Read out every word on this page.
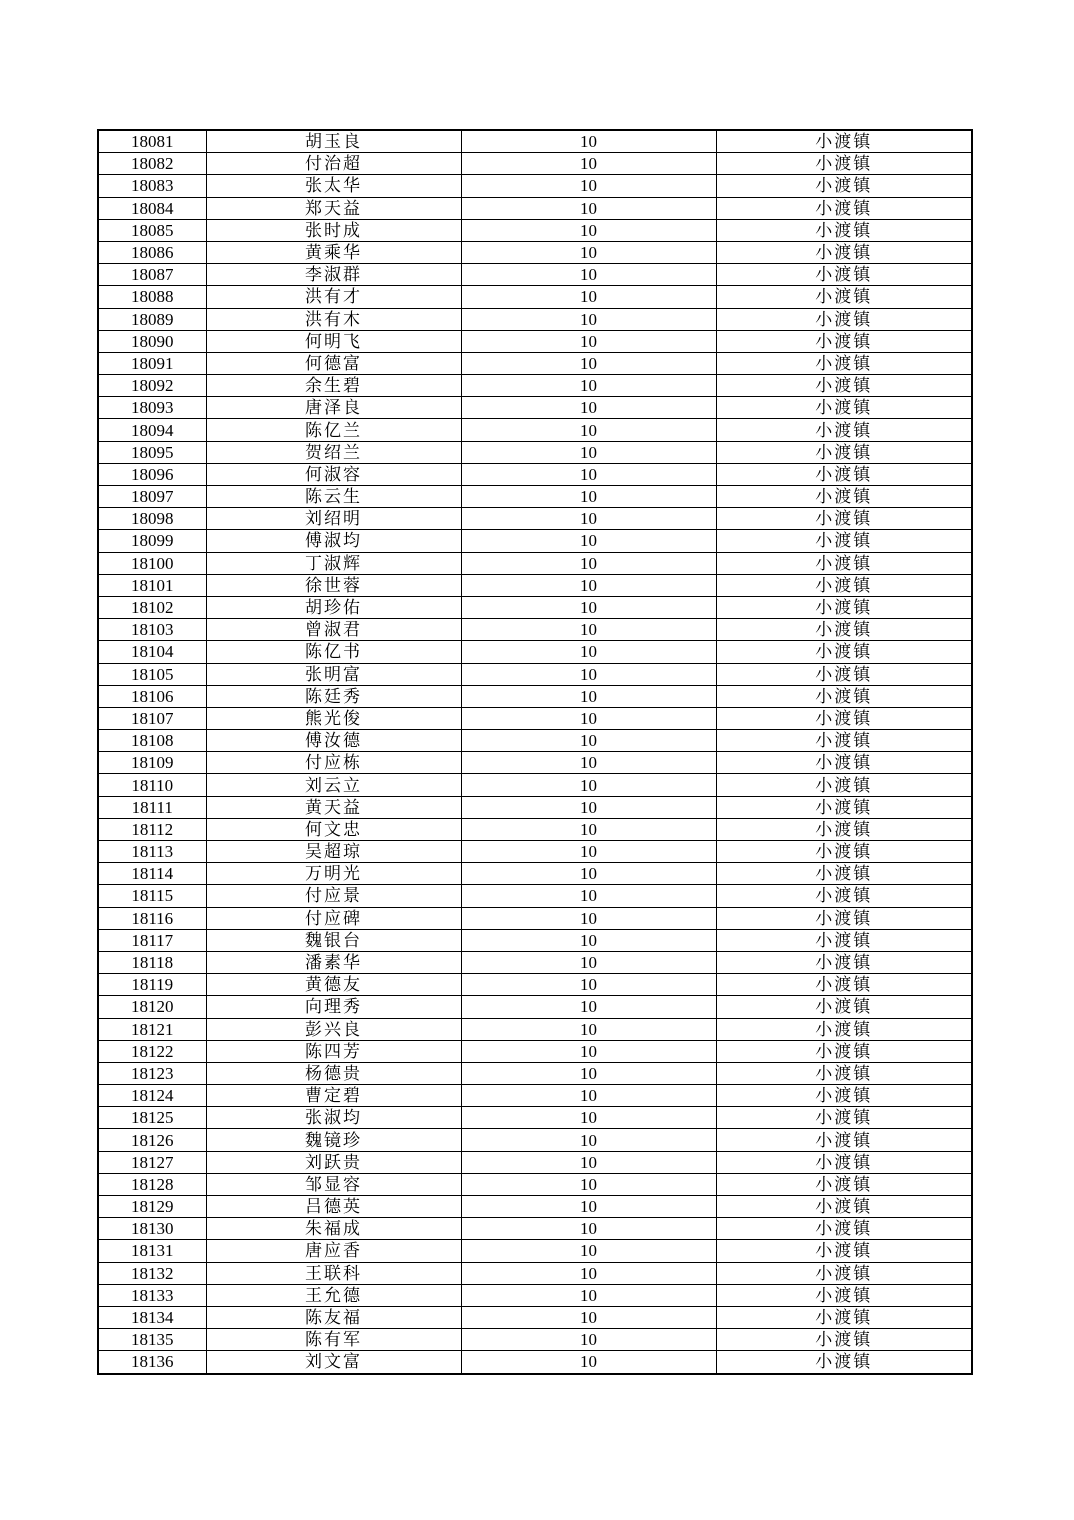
18081	胡玉良	10	小渡镇
18082	付治超	10	小渡镇
18083	张太华	10	小渡镇
18084	郑天益	10	小渡镇
18085	张时成	10	小渡镇
18086	黄乘华	10	小渡镇
18087	李淑群	10	小渡镇
18088	洪有才	10	小渡镇
18089	洪有木	10	小渡镇
18090	何明飞	10	小渡镇
18091	何德富	10	小渡镇
18092	余生碧	10	小渡镇
18093	唐泽良	10	小渡镇
18094	陈亿兰	10	小渡镇
18095	贺绍兰	10	小渡镇
18096	何淑容	10	小渡镇
18097	陈云生	10	小渡镇
18098	刘绍明	10	小渡镇
18099	傅淑均	10	小渡镇
18100	丁淑辉	10	小渡镇
18101	徐世蓉	10	小渡镇
18102	胡珍佑	10	小渡镇
18103	曾淑君	10	小渡镇
18104	陈亿书	10	小渡镇
18105	张明富	10	小渡镇
18106	陈廷秀	10	小渡镇
18107	熊光俊	10	小渡镇
18108	傅汝德	10	小渡镇
18109	付应栋	10	小渡镇
18110	刘云立	10	小渡镇
18111	黄天益	10	小渡镇
18112	何文忠	10	小渡镇
18113	吴超琼	10	小渡镇
18114	万明光	10	小渡镇
18115	付应景	10	小渡镇
18116	付应碑	10	小渡镇
18117	魏银台	10	小渡镇
18118	潘素华	10	小渡镇
18119	黄德友	10	小渡镇
18120	向理秀	10	小渡镇
18121	彭兴良	10	小渡镇
18122	陈四芳	10	小渡镇
18123	杨德贵	10	小渡镇
18124	曹定碧	10	小渡镇
18125	张淑均	10	小渡镇
18126	魏镜珍	10	小渡镇
18127	刘跃贵	10	小渡镇
18128	邹显容	10	小渡镇
18129	吕德英	10	小渡镇
18130	朱福成	10	小渡镇
18131	唐应香	10	小渡镇
18132	王联科	10	小渡镇
18133	王允德	10	小渡镇
18134	陈友福	10	小渡镇
18135	陈有军	10	小渡镇
18136	刘文富	10	小渡镇
